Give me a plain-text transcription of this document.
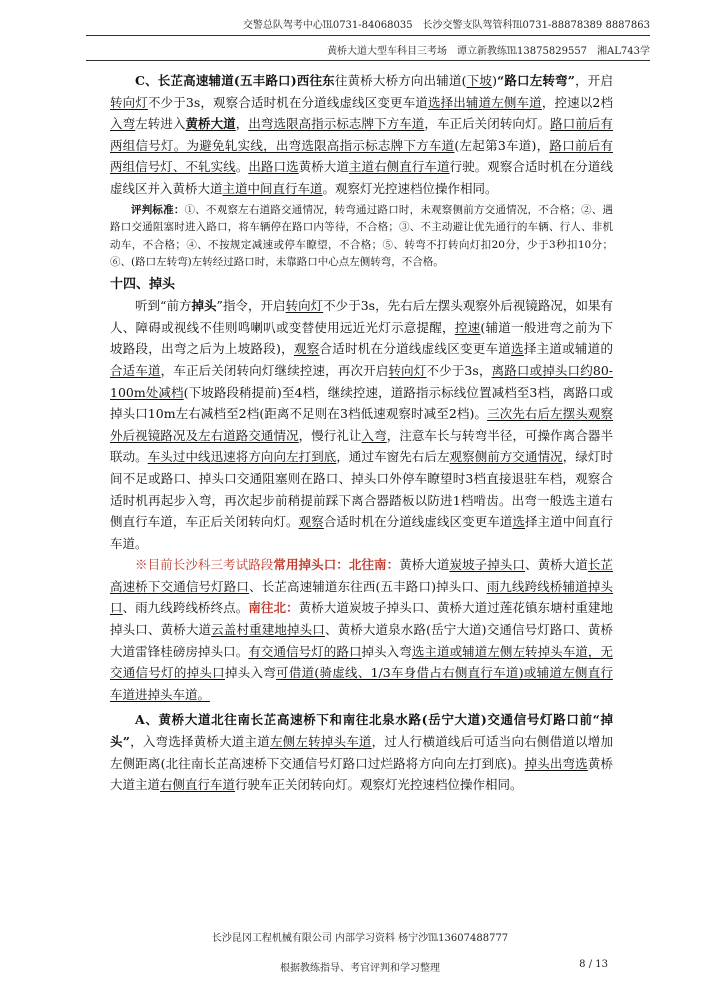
交警总队驾考中心℡0731-84068035　长沙交警支队驾管科℡0731-88878389 8887863
黄桥大道大型车科目三考场　谭立新教练℡13875829557　湘AL743学

C、长芷高速辅道(五丰路口)西往东往黄桥大桥方向出辅道(下坡)“路口左转弯”，开启转向灯不少于3s，观察合适时机在分道线虚线区变更车道选择出辅道左侧车道，控速以2档入弯左转进入黄桥大道，出弯选限高指示标志牌下方车道，车正后关闭转向灯。路口前后有两组信号灯。为避免轧实线，出弯选限高指示标志牌下方车道(左起第3车道)，路口前后有两组信号灯、不轧实线。出路口选黄桥大道主道右侧直行车道行驶。观察合适时机在分道线虚线区并入黄桥大道主道中间直行车道。观察灯光控速档位操作相同。

评判标准：①、不观察左右道路交通情况，转弯通过路口时，未观察侧前方交通情况，不合格；②、遇路口交通阻塞时进入路口，将车辆停在路口内等待，不合格；③、不主动避让优先通行的车辆、行人、非机动车，不合格；④、不按规定减速或停车瞭望，不合格；⑤、转弯不打转向灯扣20分，少于3秒扣10分；⑥、(路口左转弯)左转经过路口时，未靠路口中心点左侧转弯，不合格。

十四、掉头

听到“前方掉头”指令，开启转向灯不少于3s，先右后左摆头观察外后视镜路况，如果有人、障碍或视线不佳则鸣喇叭或变替使用远近光灯示意提醒，控速(辅道一般进弯之前为下坡路段，出弯之后为上坡路段)，观察合适时机在分道线虚线区变更车道选择主道或辅道的合适车道，车正后关闭转向灯继续控速，再次开启转向灯不少于3s，离路口或掉头口约80-100m处减档(下坡路段稍提前)至4档，继续控速，道路指示标线位置减档至3档，离路口或掉头口10m左右减档至2档(距离不足则在3档低速观察时减至2档)。三次先右后左摆头观察外后视镜路况及左右道路交通情况，慢行礼让入弯，注意车长与转弯半径，可操作离合器半联动。车头过中线迅速将方向向左打到底，通过车窗先右后左观察侧前方交通情况，绿灯时间不足或路口、掉头口交通阻塞则在路口、掉头口外停车瞭望时3档直接退驻车档，观察合适时机再起步入弯，再次起步前稍提前踩下离合器踏板以防进1档啃齿。出弯一般选主道右侧直行车道，车正后关闭转向灯。观察合适时机在分道线虚线区变更车道选择主道中间直行车道。

※目前长沙科三考试路段常用掉头口：北往南：黄桥大道炭坡子掉头口、黄桥大道长芷高速桥下交通信号灯路口、长芷高速辅道东往西(五丰路口)掉头口、雨九线跨线桥辅道掉头口、雨九线跨线桥终点。南往北：黄桥大道炭坡子掉头口、黄桥大道过莲花镇东塘村重建地掉头口、黄桥大道云盖村重建地掉头口、黄桥大道泉水路(岳宁大道)交通信号灯路口、黄桥大道雷锋桂磅房掉头口。有交通信号灯的路口掉头入弯选主道或辅道左侧左转掉头车道，无交通信号灯的掉头口掉头入弯可借道(骑虚线、1/3车身借占右侧直行车道)或辅道左侧直行车道进掉头车道。

A、黄桥大道北往南长芷高速桥下和南往北泉水路(岳宁大道)交通信号灯路口前“掉头”，入弯选择黄桥大道主道左侧左转掉头车道，过人行横道线后可适当向右侧借道以增加左侧距离(北往南长芷高速桥下交通信号灯路口过烂路将方向向左打到底)。掉头出弯选黄桥大道主道右侧直行车道行驶车正关闭转向灯。观察灯光控速档位操作相同。

长沙昆冈工程机械有限公司 内部学习资料 杨宁沙℡13607488777
根据教练指导、考官评判和学习整理	8 / 13
